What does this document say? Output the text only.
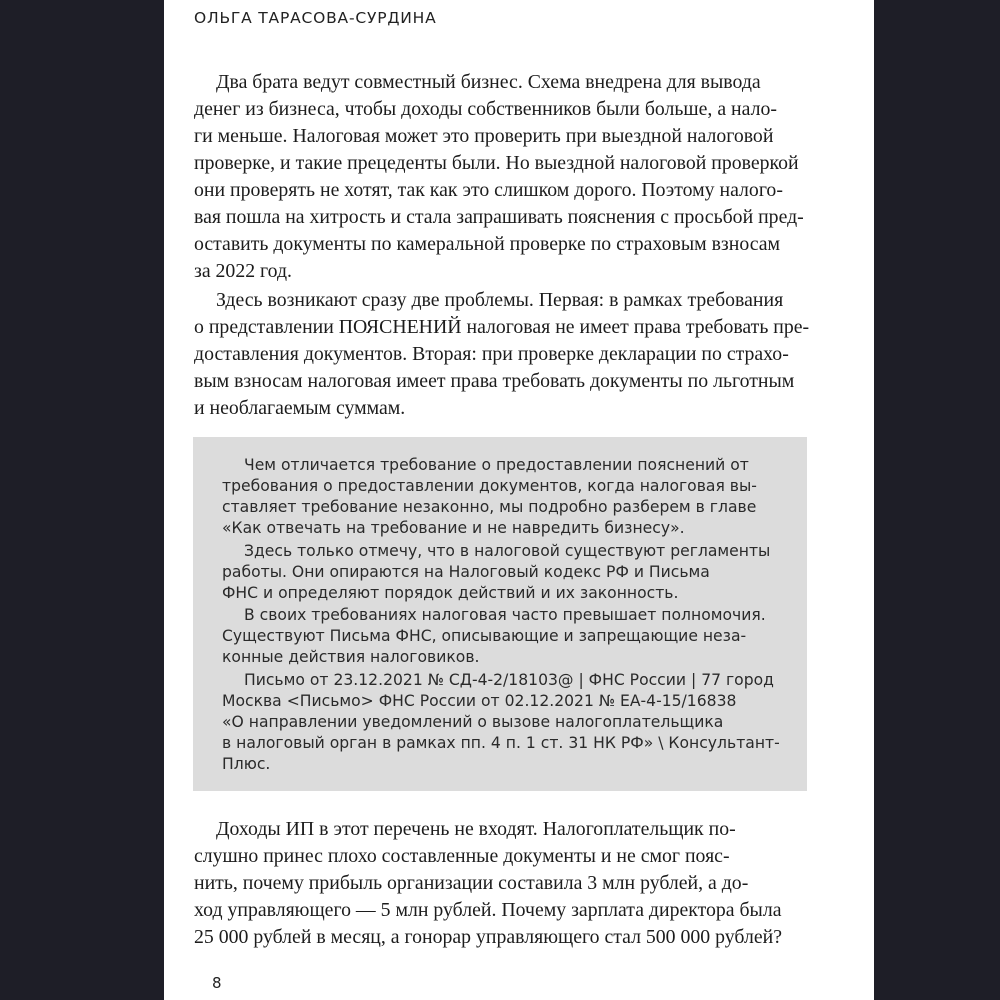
ОЛЬГА ТАРАСОВА-СУРДИНА
Два брата ведут совместный бизнес. Схема внедрена для вывода
денег из бизнеса, чтобы доходы собственников были больше, а нало-
ги меньше. Налоговая может это проверить при выездной налоговой
проверке, и такие прецеденты были. Но выездной налоговой проверкой
они проверять не хотят, так как это слишком дорого. Поэтому налого-
вая пошла на хитрость и стала запрашивать пояснения с просьбой пред-
оставить документы по камеральной проверке по страховым взносам
за 2022 год.
Здесь возникают сразу две проблемы. Первая: в рамках требования
о представлении ПОЯСНЕНИЙ налоговая не имеет права требовать пре-
доставления документов. Вторая: при проверке декларации по страхо-
вым взносам налоговая имеет права требовать документы по льготным
и необлагаемым суммам.
Чем отличается требование о предоставлении пояснений от
требования о предоставлении документов, когда налоговая вы-
ставляет требование незаконно, мы подробно разберем в главе
«Как отвечать на требование и не навредить бизнесу».
Здесь только отмечу, что в налоговой существуют регламенты
работы. Они опираются на Налоговый кодекс РФ и Письма
ФНС и определяют порядок действий и их законность.
В своих требованиях налоговая часто превышает полномочия.
Существуют Письма ФНС, описывающие и запрещающие неза-
конные действия налоговиков.
Письмо от 23.12.2021 № СД-4-2/18103@ | ФНС России | 77 город
Москва <Письмо> ФНС России от 02.12.2021 № ЕА-4-15/16838
«О направлении уведомлений о вызове налогоплательщика
в налоговый орган в рамках пп. 4 п. 1 ст. 31 НК РФ» \ Консультант-
Плюс.
Доходы ИП в этот перечень не входят. Налогоплательщик по-
слушно принес плохо составленные документы и не смог пояс-
нить, почему прибыль организации составила 3 млн рублей, а до-
ход управляющего — 5 млн рублей. Почему зарплата директора была
25 000 рублей в месяц, а гонорар управляющего стал 500 000 рублей?
8
